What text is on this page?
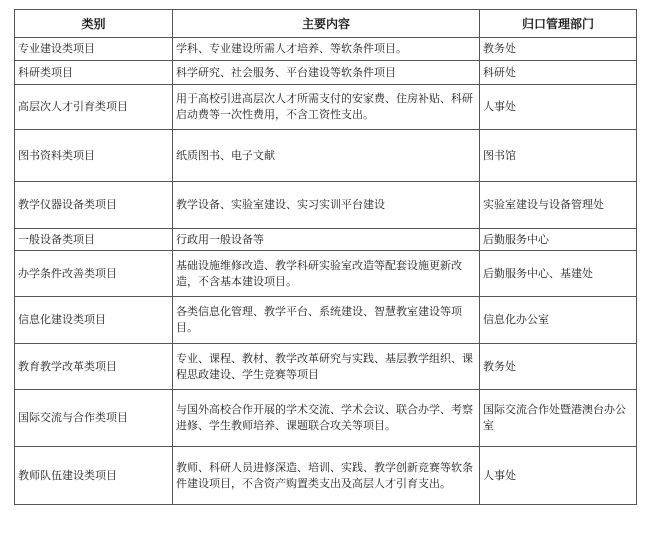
类别	主要内容	归口管理部门
专业建设类项目	学科、专业建设所需人才培养、等软条件项目。	教务处
科研类项目	科学研究、社会服务、平台建设等软条件项目	科研处
高层次人才引育类项目	用于高校引进高层次人才所需支付的安家费、住房补贴、科研启动费等一次性费用，不含工资性支出。	人事处
图书资料类项目	纸质图书、电子文献	图书馆
教学仪器设备类项目	教学设备、实验室建设、实习实训平台建设	实验室建设与设备管理处
一般设备类项目	行政用一般设备等	后勤服务中心
办学条件改善类项目	基础设施维修改造、教学科研实验室改造等配套设施更新改造，不含基本建设项目。	后勤服务中心、基建处
信息化建设类项目	各类信息化管理、教学平台、系统建设、智慧教室建设等项目。	信息化办公室
教育教学改革类项目	专业、课程、教材、教学改革研究与实践、基层教学组织、课程思政建设、学生竞赛等项目	教务处
国际交流与合作类项目	与国外高校合作开展的学术交流、学术会议、联合办学、考察进修、学生教师培养、课题联合攻关等项目。	国际交流合作处暨港澳台办公室
教师队伍建设类项目	教师、科研人员进修深造、培训、实践、教学创新竞赛等软条件建设项目，不含资产购置类支出及高层人才引育支出。	人事处
